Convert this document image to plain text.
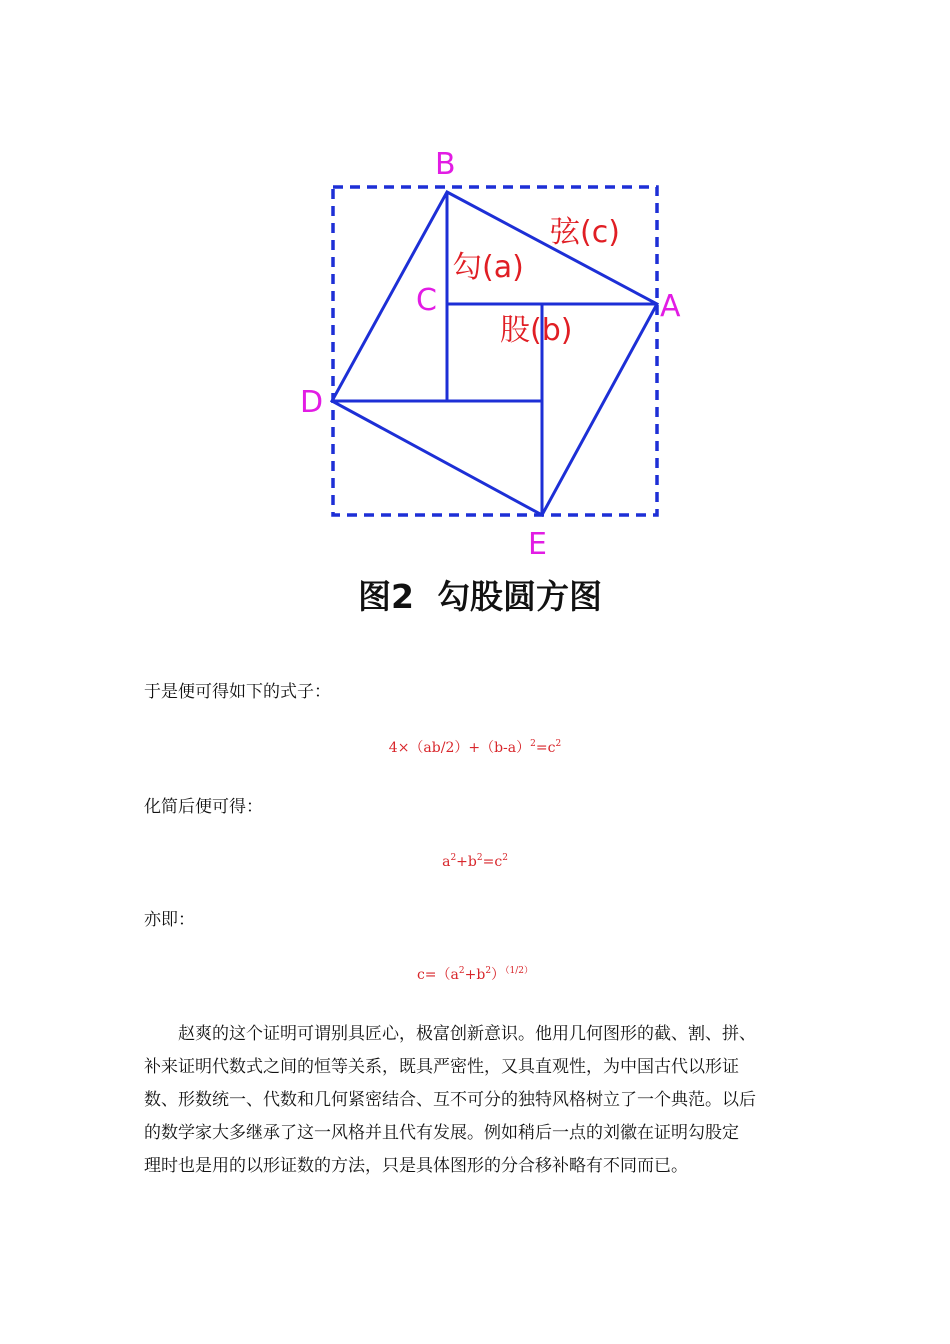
B
C	A
D
E
弦(c)
勾(a)
股(b)
图2  勾股圆方图

于是便可得如下的式子：

$4\times(ab/2)+(b-a)^2=c^2$

化简后便可得：

$a^2+b^2=c^2$

亦即：

$c=(a^2+b^2)^{(1/2)}$
　　赵爽的这个证明可谓别具匠心，极富创新意识。他用几何图形的截、割、拼、
补来证明代数式之间的恒等关系，既具严密性，又具直观性，为中国古代以形证
数、形数统一、代数和几何紧密结合、互不可分的独特风格树立了一个典范。以后
的数学家大多继承了这一风格并且代有发展。例如稍后一点的刘徽在证明勾股定
理时也是用的以形证数的方法，只是具体图形的分合移补略有不同而已。
